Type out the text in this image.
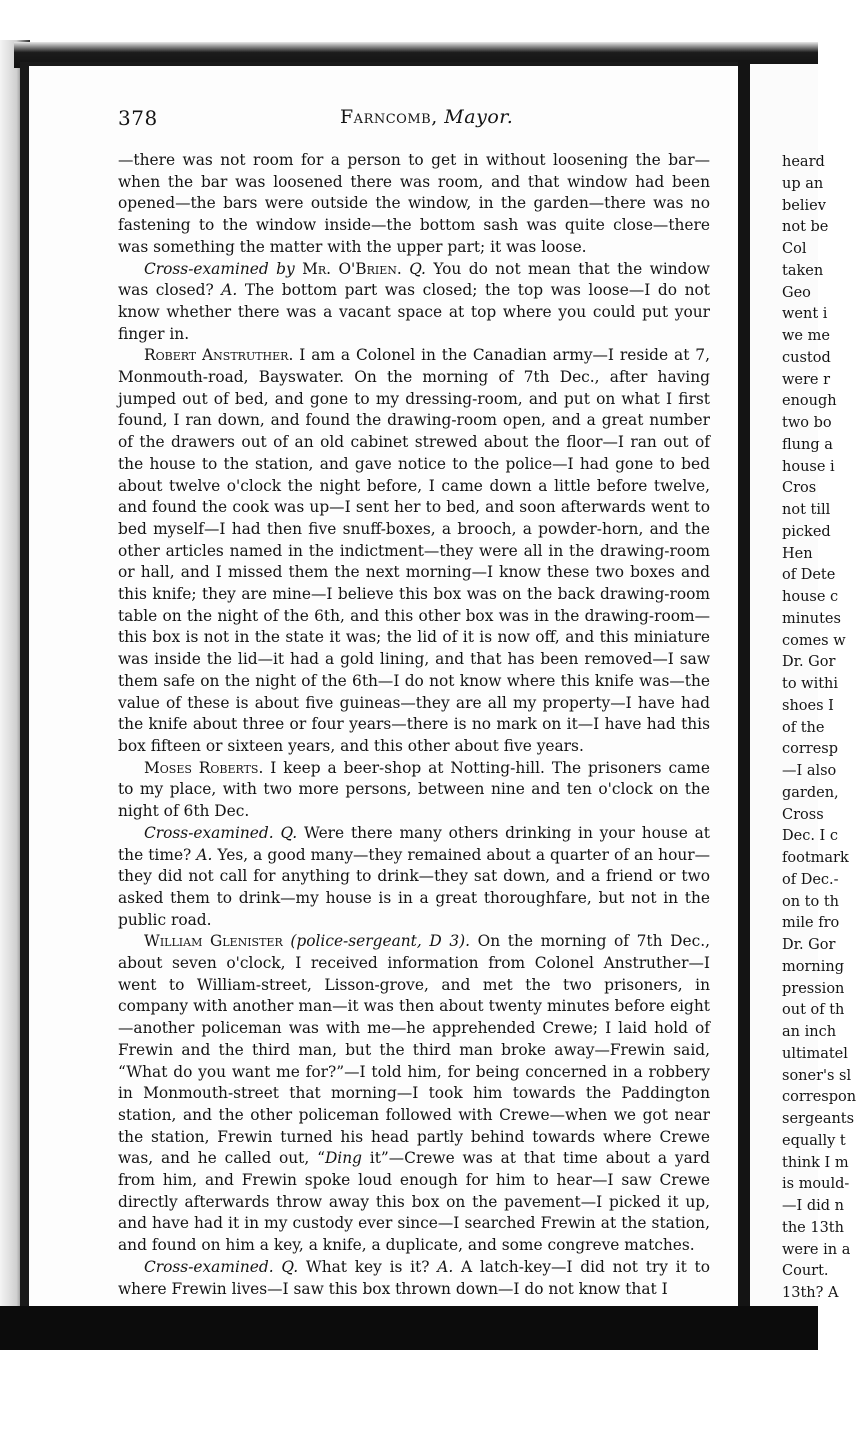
378	Farncomb, Mayor.

—there was not room for a person to get in without loosening the bar—when the bar was loosened there was room, and that window had been opened—the bars were outside the window, in the garden—there was no fastening to the window inside—the bottom sash was quite close—there was something the matter with the upper part; it was loose.

Cross-examined by Mr. O'Brien. Q. You do not mean that the window was closed? A. The bottom part was closed; the top was loose—I do not know whether there was a vacant space at top where you could put your finger in.

Robert Anstruther. I am a Colonel in the Canadian army—I reside at 7, Monmouth-road, Bayswater. On the morning of 7th Dec., after having jumped out of bed, and gone to my dressing-room, and put on what I first found, I ran down, and found the drawing-room open, and a great number of the drawers out of an old cabinet strewed about the floor—I ran out of the house to the station, and gave notice to the police—I had gone to bed about twelve o'clock the night before, I came down a little before twelve, and found the cook was up—I sent her to bed, and soon afterwards went to bed myself—I had then five snuff-boxes, a brooch, a powder-horn, and the other articles named in the indictment—they were all in the drawing-room or hall, and I missed them the next morning—I know these two boxes and this knife; they are mine—I believe this box was on the back drawing-room table on the night of the 6th, and this other box was in the drawing-room—this box is not in the state it was; the lid of it is now off, and this miniature was inside the lid—it had a gold lining, and that has been removed—I saw them safe on the night of the 6th—I do not know where this knife was—the value of these is about five guineas—they are all my property—I have had the knife about three or four years—there is no mark on it—I have had this box fifteen or sixteen years, and this other about five years.

Moses Roberts. I keep a beer-shop at Notting-hill. The prisoners came to my place, with two more persons, between nine and ten o'clock on the night of 6th Dec.

Cross-examined. Q. Were there many others drinking in your house at the time? A. Yes, a good many—they remained about a quarter of an hour—they did not call for anything to drink—they sat down, and a friend or two asked them to drink—my house is in a great thoroughfare, but not in the public road.

William Glenister (police-sergeant, D 3). On the morning of 7th Dec., about seven o'clock, I received information from Colonel Anstruther—I went to William-street, Lisson-grove, and met the two prisoners, in company with another man—it was then about twenty minutes before eight—another policeman was with me—he apprehended Crewe; I laid hold of Frewin and the third man, but the third man broke away—Frewin said, “What do you want me for?”—I told him, for being concerned in a robbery in Monmouth-street that morning—I took him towards the Paddington station, and the other policeman followed with Crewe—when we got near the station, Frewin turned his head partly behind towards where Crewe was, and he called out, “Ding it”—Crewe was at that time about a yard from him, and Frewin spoke loud enough for him to hear—I saw Crewe directly afterwards throw away this box on the pavement—I picked it up, and have had it in my custody ever since—I searched Frewin at the station, and found on him a key, a knife, a duplicate, and some congreve matches.

Cross-examined. Q. What key is it? A. A latch-key—I did not try it to where Frewin lives—I saw this box thrown down—I do not know that I

heard
up an
believ
not be
Col
taken
Geo
went i
we me
custod
were r
enough
two bo
flung a
house i
Cros
not till
picked
Hen
of Dete
house c
minutes
comes w
Dr. Gor
to withi
shoes I
of the
corresp
—I also
garden,
Cross
Dec. I c
footmark
of Dec.-
on to th
mile fro
Dr. Gor
morning
pression
out of th
an inch
ultimatel
soner's sl
correspon
sergeants
equally t
think I m
is mould-
—I did n
the 13th
were in a
Court.
13th? A
